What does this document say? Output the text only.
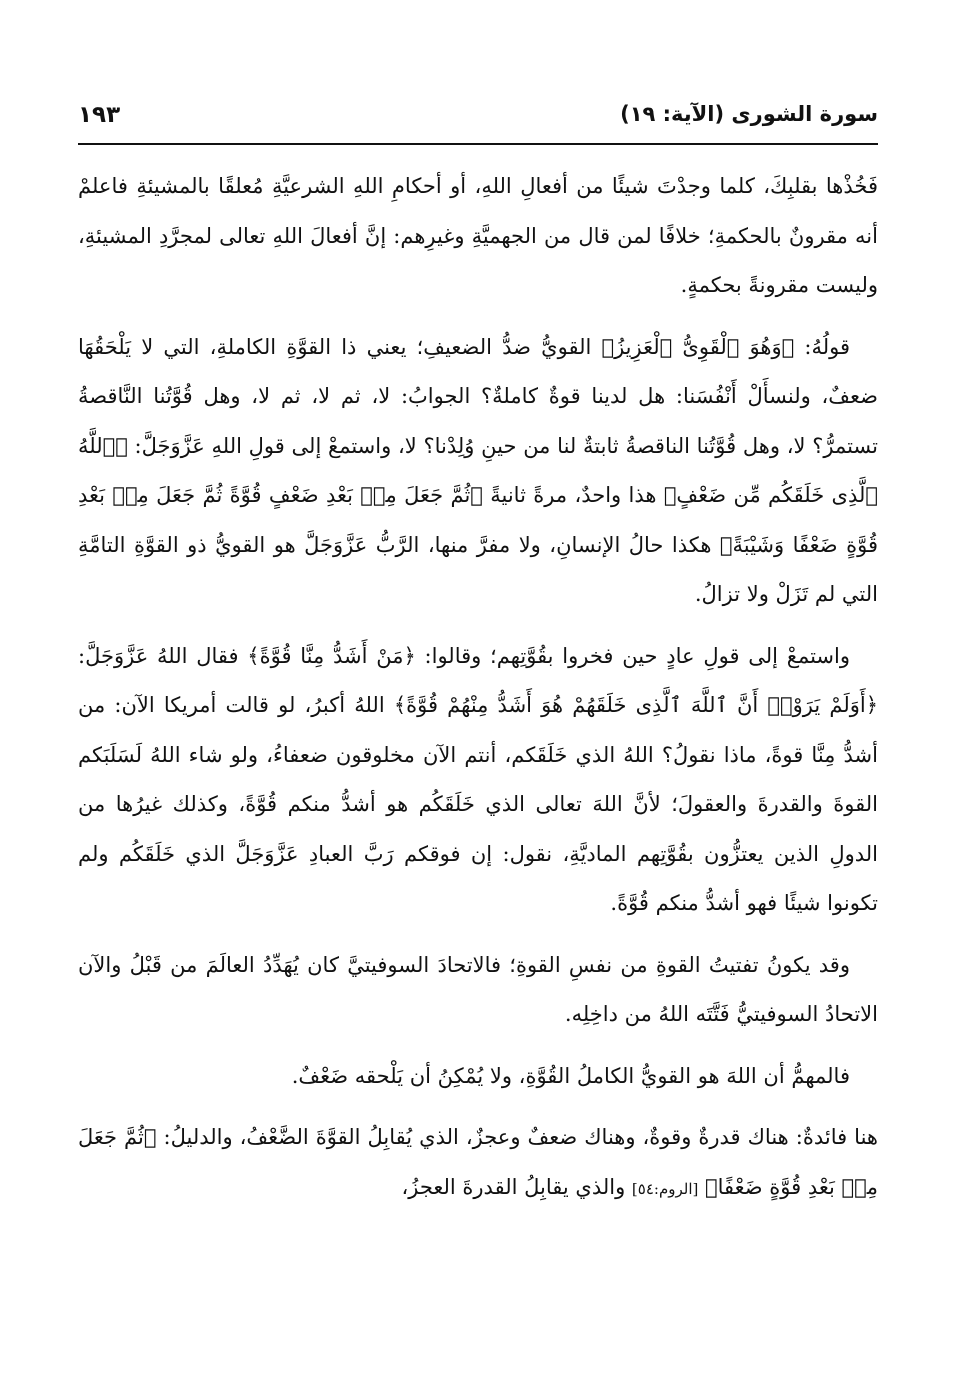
سورة الشورى (الآية: ١٩)
١٩٣

فَخُذْها بقلبِكَ، كلما وجدْتَ شيئًا من أفعالِ اللهِ، أو أحكامِ اللهِ الشرعيَّةِ مُعلقًا بالمشيئةِ فاعلمْ أنه مقرونٌ بالحكمةِ؛ خلافًا لمن قال من الجهميَّةِ وغيرِهم: إنَّ أفعالَ اللهِ تعالى لمجرَّدِ المشيئةِ، وليست مقرونةً بحكمةٍ.

قولُهُ: ﴿وَهُوَ ٱلْقَوِىُّ ٱلْعَزِيزُ﴾ القويُّ ضدُّ الضعيفِ؛ يعني ذا القوَّةِ الكاملةِ، التي لا يَلْحَقُهَا ضعفٌ، ولنسأَلْ أَنْفُسَنا: هل لدينا قوةٌ كاملةٌ؟ الجوابُ: لا، ثم لا، ثم لا، وهل قُوَّتُنا النَّاقصةُ تستمرُّ؟ لا، وهل قُوَّتُنا الناقصةُ ثابتةٌ لنا من حينِ وُلِدْنا؟ لا، واستمعْ إلى قولِ اللهِ عَزَّوَجَلَّ: ﴿ٱللَّهُ ٱلَّذِى خَلَقَكُم مِّن ضَعْفٍ﴾ هذا واحدٌ، مرةً ثانيةً ﴿ثُمَّ جَعَلَ مِنۢ بَعْدِ ضَعْفٍ قُوَّةً ثُمَّ جَعَلَ مِنۢ بَعْدِ قُوَّةٍ ضَعْفًا وَشَيْبَةً﴾ هكذا حالُ الإنسانِ، ولا مفرَّ منها، الرَّبُّ عَزَّوَجَلَّ هو القويُّ ذو القوَّةِ التامَّةِ التي لم تَزَلْ ولا تزالُ.

واستمعْ إلى قولِ عادٍ حين فخروا بقُوَّتِهم؛ وقالوا: ﴿مَنْ أَشَدُّ مِنَّا قُوَّةً﴾ فقال اللهُ عَزَّوَجَلَّ: ﴿أَوَلَمْ يَرَوْا۟ أَنَّ ٱللَّهَ ٱلَّذِى خَلَقَهُمْ هُوَ أَشَدُّ مِنْهُمْ قُوَّةً﴾ اللهُ أكبرُ، لو قالت أمريكا الآن: من أشدُّ مِنَّا قوةً، ماذا نقولُ؟ اللهُ الذي خَلَقَكم، أنتم الآن مخلوقون ضعفاءُ، ولو شاء اللهُ لَسَلَبَكم القوةَ والقدرةَ والعقولَ؛ لأنَّ اللهَ تعالى الذي خَلَقَكُم هو أشدُّ منكم قُوَّةً، وكذلك غيرُها من الدولِ الذين يعتزُّون بقُوَّتِهم الماديَّةِ، نقول: إن فوقكم رَبَّ العبادِ عَزَّوَجَلَّ الذي خَلَقَكُم ولم تكونوا شيئًا فهو أشدُّ منكم قُوَّةً.

وقد يكونُ تفتيتُ القوةِ من نفسِ القوةِ؛ فالاتحادَ السوفيتيَّ كان يُهَدِّدُ العالَمَ من قَبْلُ والآن الاتحادُ السوفيتيُّ فَتَّتَه اللهُ من داخِلِه.

فالمهمُّ أن اللهَ هو القويُّ الكاملُ القُوَّةِ، ولا يُمْكِنُ أن يَلْحقه ضَعْفٌ.

هنا فائدةٌ: هناك قدرةٌ وقوةٌ، وهناك ضعفٌ وعجزٌ، الذي يُقابِلُ القوَّةَ الضَّعْفُ، والدليلُ: ﴿ثُمَّ جَعَلَ مِنۢ بَعْدِ قُوَّةٍ ضَعْفًا﴾ [الروم:٥٤] والذي يقابِلُ القدرةَ العجزُ،
